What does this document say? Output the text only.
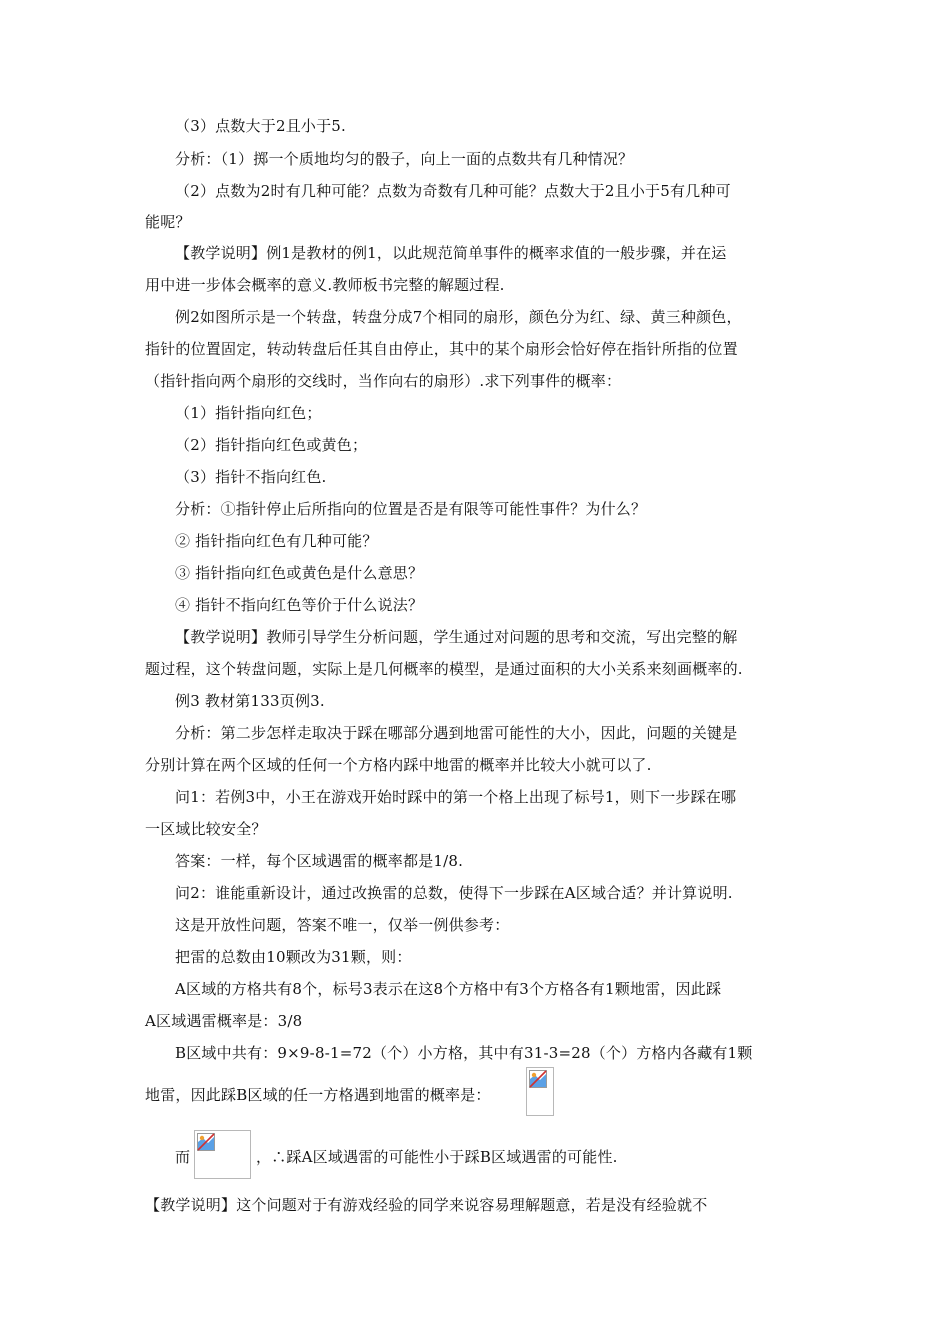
（3）点数大于2且小于5.
分析：（1）掷一个质地均匀的骰子，向上一面的点数共有几种情况？
（2）点数为2时有几种可能？点数为奇数有几种可能？点数大于2且小于5有几种可
能呢？
【教学说明】例1是教材的例1，以此规范简单事件的概率求值的一般步骤，并在运
用中进一步体会概率的意义.教师板书完整的解题过程.
例2如图所示是一个转盘，转盘分成7个相同的扇形，颜色分为红、绿、黄三种颜色，
指针的位置固定，转动转盘后任其自由停止，其中的某个扇形会恰好停在指针所指的位置
（指针指向两个扇形的交线时，当作向右的扇形）.求下列事件的概率：
（1）指针指向红色；
（2）指针指向红色或黄色；
（3）指针不指向红色.
分析：①指针停止后所指向的位置是否是有限等可能性事件？为什么？
② 指针指向红色有几种可能？
③ 指针指向红色或黄色是什么意思？
④ 指针不指向红色等价于什么说法？
【教学说明】教师引导学生分析问题，学生通过对问题的思考和交流，写出完整的解
题过程，这个转盘问题，实际上是几何概率的模型，是通过面积的大小关系来刻画概率的.
例3 教材第133页例3.
分析：第二步怎样走取决于踩在哪部分遇到地雷可能性的大小，因此，问题的关键是
分别计算在两个区域的任何一个方格内踩中地雷的概率并比较大小就可以了.
问1：若例3中，小王在游戏开始时踩中的第一个格上出现了标号1，则下一步踩在哪
一区域比较安全？
答案：一样，每个区域遇雷的概率都是1/8.
问2：谁能重新设计，通过改换雷的总数，使得下一步踩在A区域合适？并计算说明.
这是开放性问题，答案不唯一，仅举一例供参考：
把雷的总数由10颗改为31颗，则：
A区域的方格共有8个，标号3表示在这8个方格中有3个方格各有1颗地雷，因此踩
A区域遇雷概率是：3/8
B区域中共有：9×9-8-1=72（个）小方格，其中有31-3=28（个）方格内各藏有1颗
地雷，因此踩B区域的任一方格遇到地雷的概率是：
而	，∴踩A区域遇雷的可能性小于踩B区域遇雷的可能性.
【教学说明】这个问题对于有游戏经验的同学来说容易理解题意，若是没有经验就不
